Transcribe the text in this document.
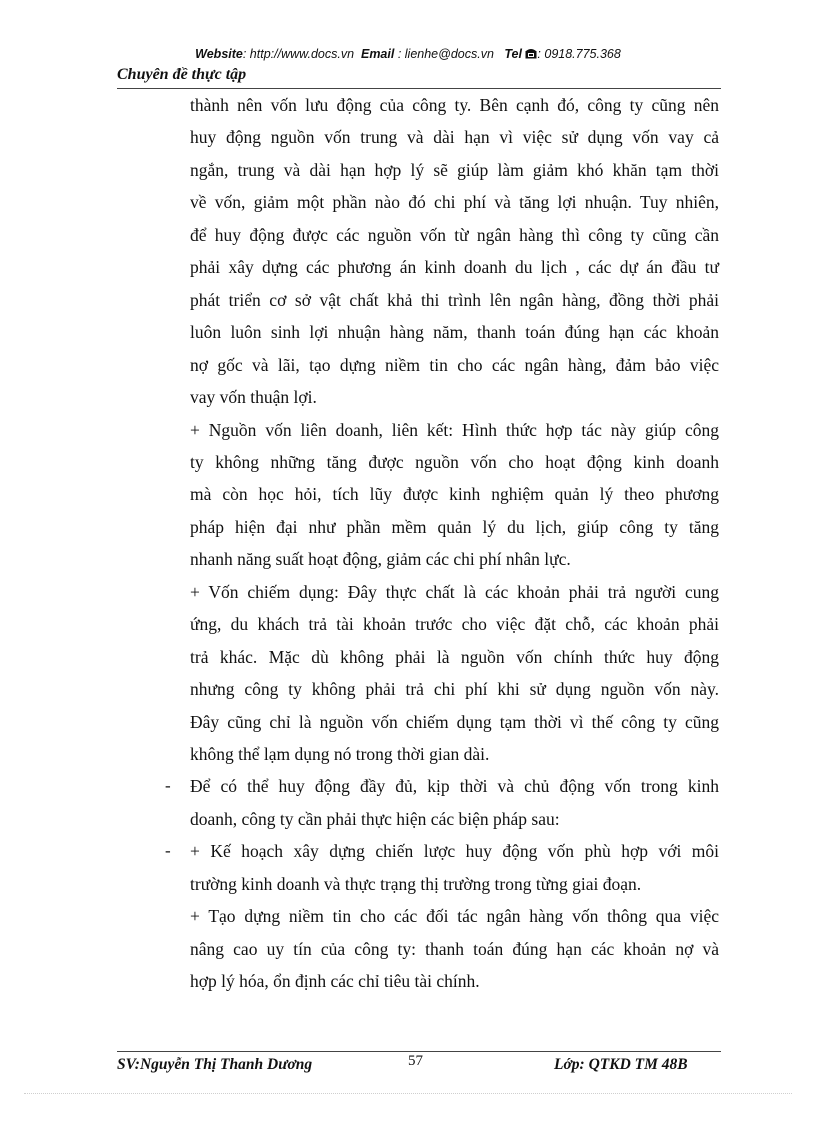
Website: http://www.docs.vn Email : lienhe@docs.vn Tel : 0918.775.368
Chuyên đề thực tập
thành nên vốn lưu động của công ty. Bên cạnh đó, công ty cũng nên
huy động nguồn vốn trung và dài hạn vì việc sử dụng vốn vay cả
ngắn, trung và dài hạn hợp lý sẽ giúp làm giảm khó khăn tạm thời
về vốn, giảm một phần nào đó chi phí và tăng lợi nhuận. Tuy nhiên,
để huy động được các nguồn vốn từ ngân hàng thì công ty cũng cần
phải xây dựng các phương án kinh doanh du lịch , các dự án đầu tư
phát triển cơ sở vật chất khả thi trình lên ngân hàng, đồng thời phải
luôn luôn sinh lợi nhuận hàng năm, thanh toán đúng hạn các khoản
nợ gốc và lãi, tạo dựng niềm tin cho các ngân hàng, đảm bảo việc
vay vốn thuận lợi.
+ Nguồn vốn liên doanh, liên kết: Hình thức hợp tác này giúp công
ty không những tăng được nguồn vốn cho hoạt động kinh doanh
mà còn học hỏi, tích lũy được kinh nghiệm quản lý theo phương
pháp hiện đại như phần mềm quản lý du lịch, giúp công ty tăng
nhanh năng suất hoạt động, giảm các chi phí nhân lực.
+ Vốn chiếm dụng: Đây thực chất là các khoản phải trả người cung
ứng, du khách trả tài khoản trước cho việc đặt chỗ, các khoản phải
trả khác. Mặc dù không phải là nguồn vốn chính thức huy động
nhưng công ty không phải trả chi phí khi sử dụng nguồn vốn này.
Đây cũng chỉ là nguồn vốn chiếm dụng tạm thời vì thế công ty cũng
không thể lạm dụng nó trong thời gian dài.
Để có thể huy động đầy đủ, kịp thời và chủ động vốn trong kinh
-
doanh, công ty cần phải thực hiện các biện pháp sau:
+ Kế hoạch xây dựng chiến lược huy động vốn phù hợp với môi
-
trường kinh doanh và thực trạng thị trường trong từng giai đoạn.
+ Tạo dựng niềm tin cho các đối tác ngân hàng vốn thông qua việc
nâng cao uy tín của công ty: thanh toán đúng hạn các khoản nợ và
hợp lý hóa, ổn định các chỉ tiêu tài chính.
SV:Nguyễn Thị Thanh Dương	57	Lớp: QTKD TM 48B
